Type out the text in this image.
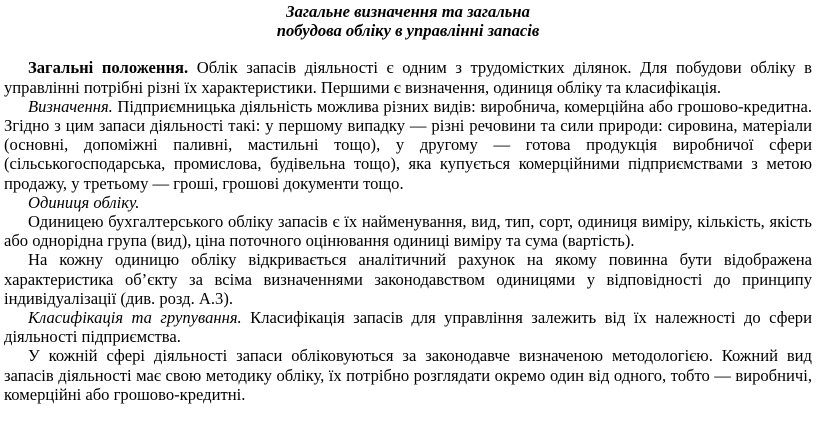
Загальне визначення та загальна
побудова обліку в управлінні запасів

Загальні положення. Облік запасів діяльності є одним з трудомістких ділянок. Для побудови обліку в управлінні потрібні різні їх характеристики. Першими є визначення, одиниця обліку та класифікація.

Визначення. Підприємницька діяльність можлива різних видів: виробнича, комерційна або грошово-кредитна. Згідно з цим запаси діяльності такі: у першому випадку — різні речовини та сили природи: сировина, матеріали (основні, допоміжні паливні, мастильні тощо), у другому — готова продукція виробничої сфери (сільськогосподарська, промислова, будівельна тощо), яка купується комерційними підприємствами з метою продажу, у третьому — гроші, грошові документи тощо.

Одиниця обліку.

Одиницею бухгалтерського обліку запасів є їх найменування, вид, тип, сорт, одиниця виміру, кількість, якість або однорідна група (вид), ціна поточного оцінювання одиниці виміру та сума (вартість).

На кожну одиницю обліку відкривається аналітичний рахунок на якому повинна бути відображена характеристика об’єкту за всіма визначеннями законодавством одиницями у відповідності до принципу індивідуалізації (див. розд. А.3).

Класифікація та групування. Класифікація запасів для управління залежить від їх належності до сфери діяльності підприємства.

У кожній сфері діяльності запаси обліковуються за законодавче визначеною методологією. Кожний вид запасів діяльності має свою методику обліку, їх потрібно розглядати окремо один від одного, тобто — виробничі, комерційні або грошово-кредитні.
